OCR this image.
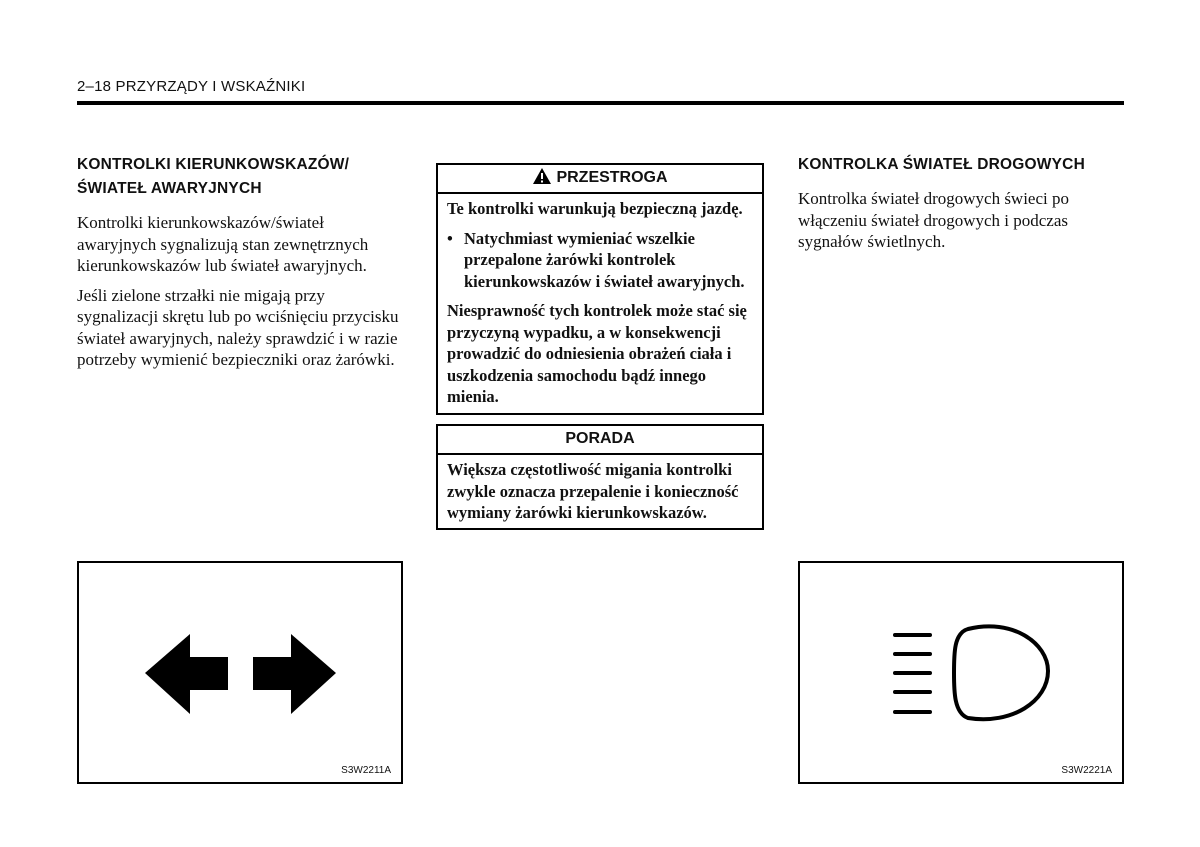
2–18 PRZYRZĄDY I WSKAŹNIKI
KONTROLKI KIERUNKOWSKAZÓW/
ŚWIATEŁ AWARYJNYCH

Kontrolki kierunkowskazów/świateł awaryjnych sygnalizują stan zewnętrznych kierunkowskazów lub świateł awaryjnych.

Jeśli zielone strzałki nie migają przy sygnalizacji skrętu lub po wciśnięciu przycisku świateł awaryjnych, należy sprawdzić i w razie potrzeby wymienić bezpieczniki oraz żarówki.

PRZESTROGA

Te kontrolki warunkują bezpieczną jazdę.

• Natychmiast wymieniać wszelkie przepalone żarówki kontrolek kierunkowskazów i świateł awaryjnych.

Niesprawność tych kontrolek może stać się przyczyną wypadku, a w konsekwencji prowadzić do odniesienia obrażeń ciała i uszkodzenia samochodu bądź innego mienia.

PORADA

Większa częstotliwość migania kontrolki zwykle oznacza przepalenie i konieczność wymiany żarówki kierunkowskazów.

KONTROLKA ŚWIATEŁ DROGOWYCH

Kontrolka świateł drogowych świeci po włączeniu świateł drogowych i podczas sygnałów świetlnych.

S3W2211A	S3W2221A
